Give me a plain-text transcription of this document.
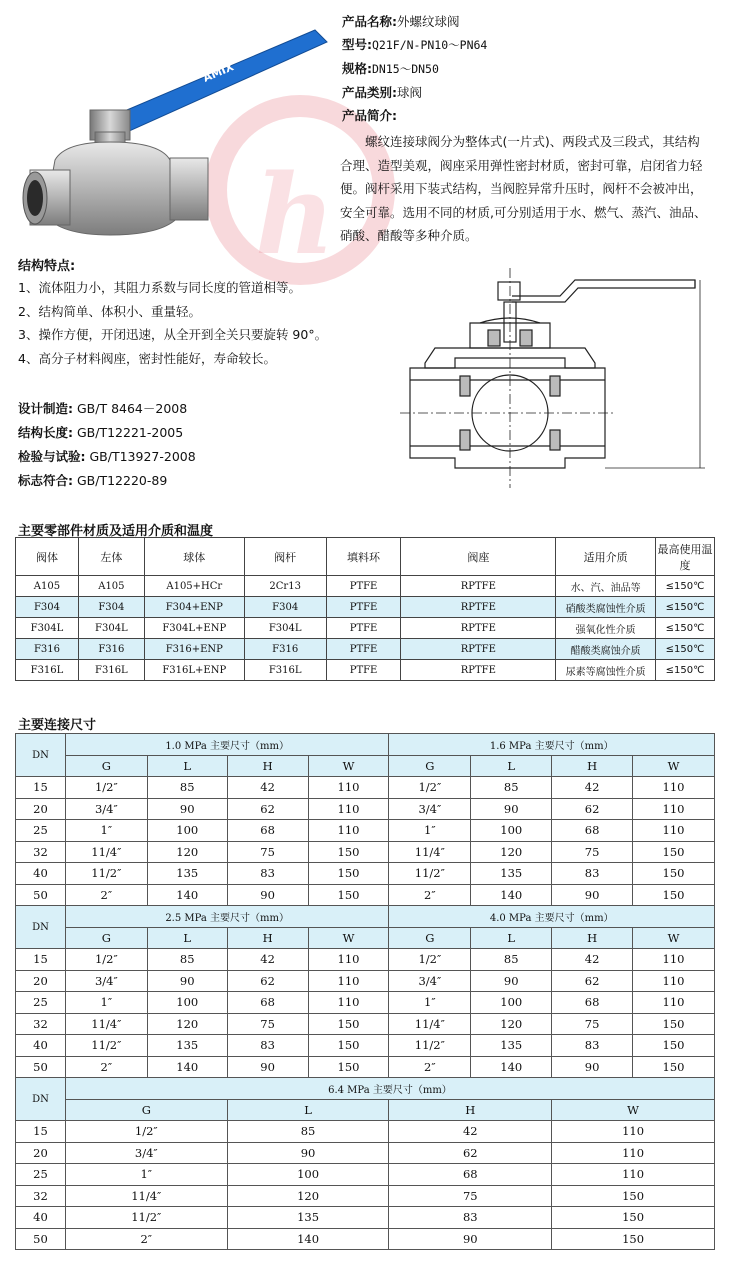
h
AMIX
产品名称:外螺纹球阀
型号:Q21F/N-PN10～PN64
规格:DN15～DN50
产品类别:球阀
产品简介:
螺纹连接球阀分为整体式(一片式)、两段式及三段式，其结构合理、造型美观，阀座采用弹性密封材质，密封可靠，启闭省力轻便。阀杆采用下装式结构，当阀腔异常升压时，阀杆不会被冲出，安全可靠。选用不同的材质,可分别适用于水、燃气、蒸汽、油品、硝酸、醋酸等多种介质。
结构特点:
1、流体阻力小，其阻力系数与同长度的管道相等。
2、结构简单、体积小、重量轻。
3、操作方便，开闭迅速，从全开到全关只要旋转 90°。
4、高分子材料阀座，密封性能好，寿命较长。
设计制造: GB/T 8464－2008
结构长度: GB/T12221-2005
检验与试验: GB/T13927-2008
标志符合: GB/T12220-89
主要零部件材质及适用介质和温度
阀体	左体	球体	阀杆	填料环	阀座	适用介质	最高使用温度
A105	A105	A105+HCr	2Cr13	PTFE	RPTFE	水、汽、油品等	≤150℃
F304	F304	F304+ENP	F304	PTFE	RPTFE	硝酸类腐蚀性介质	≤150℃
F304L	F304L	F304L+ENP	F304L	PTFE	RPTFE	强氧化性介质	≤150℃
F316	F316	F316+ENP	F316	PTFE	RPTFE	醋酸类腐蚀介质	≤150℃
F316L	F316L	F316L+ENP	F316L	PTFE	RPTFE	尿素等腐蚀性介质	≤150℃
主要连接尺寸
DN	1.0 MPa 主要尺寸（mm）				1.6 MPa 主要尺寸（mm）			
	G	L	H	W	G	L	H	W
15	1/2″	85	42	110	1/2″	85	42	110
20	3/4″	90	62	110	3/4″	90	62	110
25	1″	100	68	110	1″	100	68	110
32	11/4″	120	75	150	11/4″	120	75	150
40	11/2″	135	83	150	11/2″	135	83	150
50	2″	140	90	150	2″	140	90	150
DN	2.5 MPa 主要尺寸（mm）				4.0 MPa 主要尺寸（mm）			
	G	L	H	W	G	L	H	W
15	1/2″	85	42	110	1/2″	85	42	110
20	3/4″	90	62	110	3/4″	90	62	110
25	1″	100	68	110	1″	100	68	110
32	11/4″	120	75	150	11/4″	120	75	150
40	11/2″	135	83	150	11/2″	135	83	150
50	2″	140	90	150	2″	140	90	150
DN	6.4 MPa 主要尺寸（mm）							
	G		L		H		W	
15	1/2″		85		42		110	
20	3/4″		90		62		110	
25	1″		100		68		110	
32	11/4″		120		75		150	
40	11/2″		135		83		150	
50	2″		140		90		150	
